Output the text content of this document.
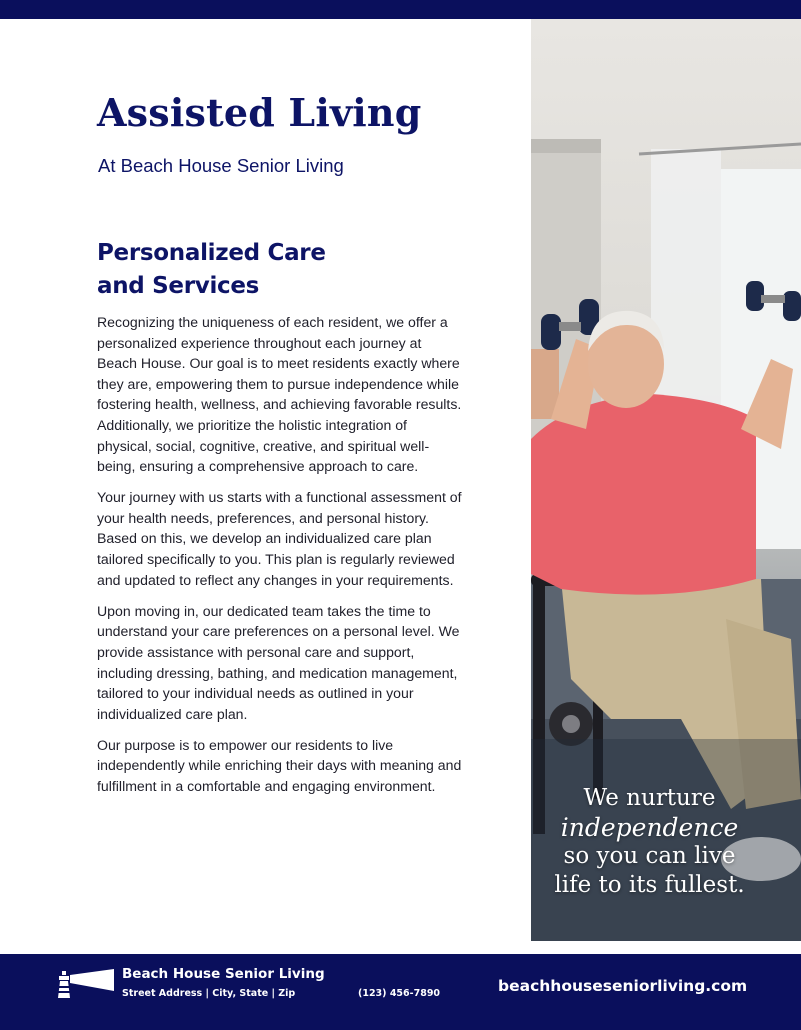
Assisted Living
At Beach House Senior Living
Personalized Care
and Services

Recognizing the uniqueness of each resident, we offer a personalized experience throughout each journey at Beach House. Our goal is to meet residents exactly where they are, empowering them to pursue independence while fostering health, wellness, and achieving favorable results. Additionally, we prioritize the holistic integration of physical, social, cognitive, creative, and spiritual well-being, ensuring a comprehensive approach to care.

Your journey with us starts with a functional assessment of your health needs, preferences, and personal history. Based on this, we develop an individualized care plan tailored specifically to you. This plan is regularly reviewed and updated to reflect any changes in your requirements.

Upon moving in, our dedicated team takes the time to understand your care preferences on a personal level. We provide assistance with personal care and support, including dressing, bathing, and medication management, tailored to your individual needs as outlined in your individualized care plan.

Our purpose is to empower our residents to live independently while enriching their days with meaning and fulfillment in a comfortable and engaging environment.	We nurture
independence
so you can live
life to its fullest.
Beach House Senior Living
Street Address | City, State | Zip	(123) 456-7890	beachhouseseniorliving.com
